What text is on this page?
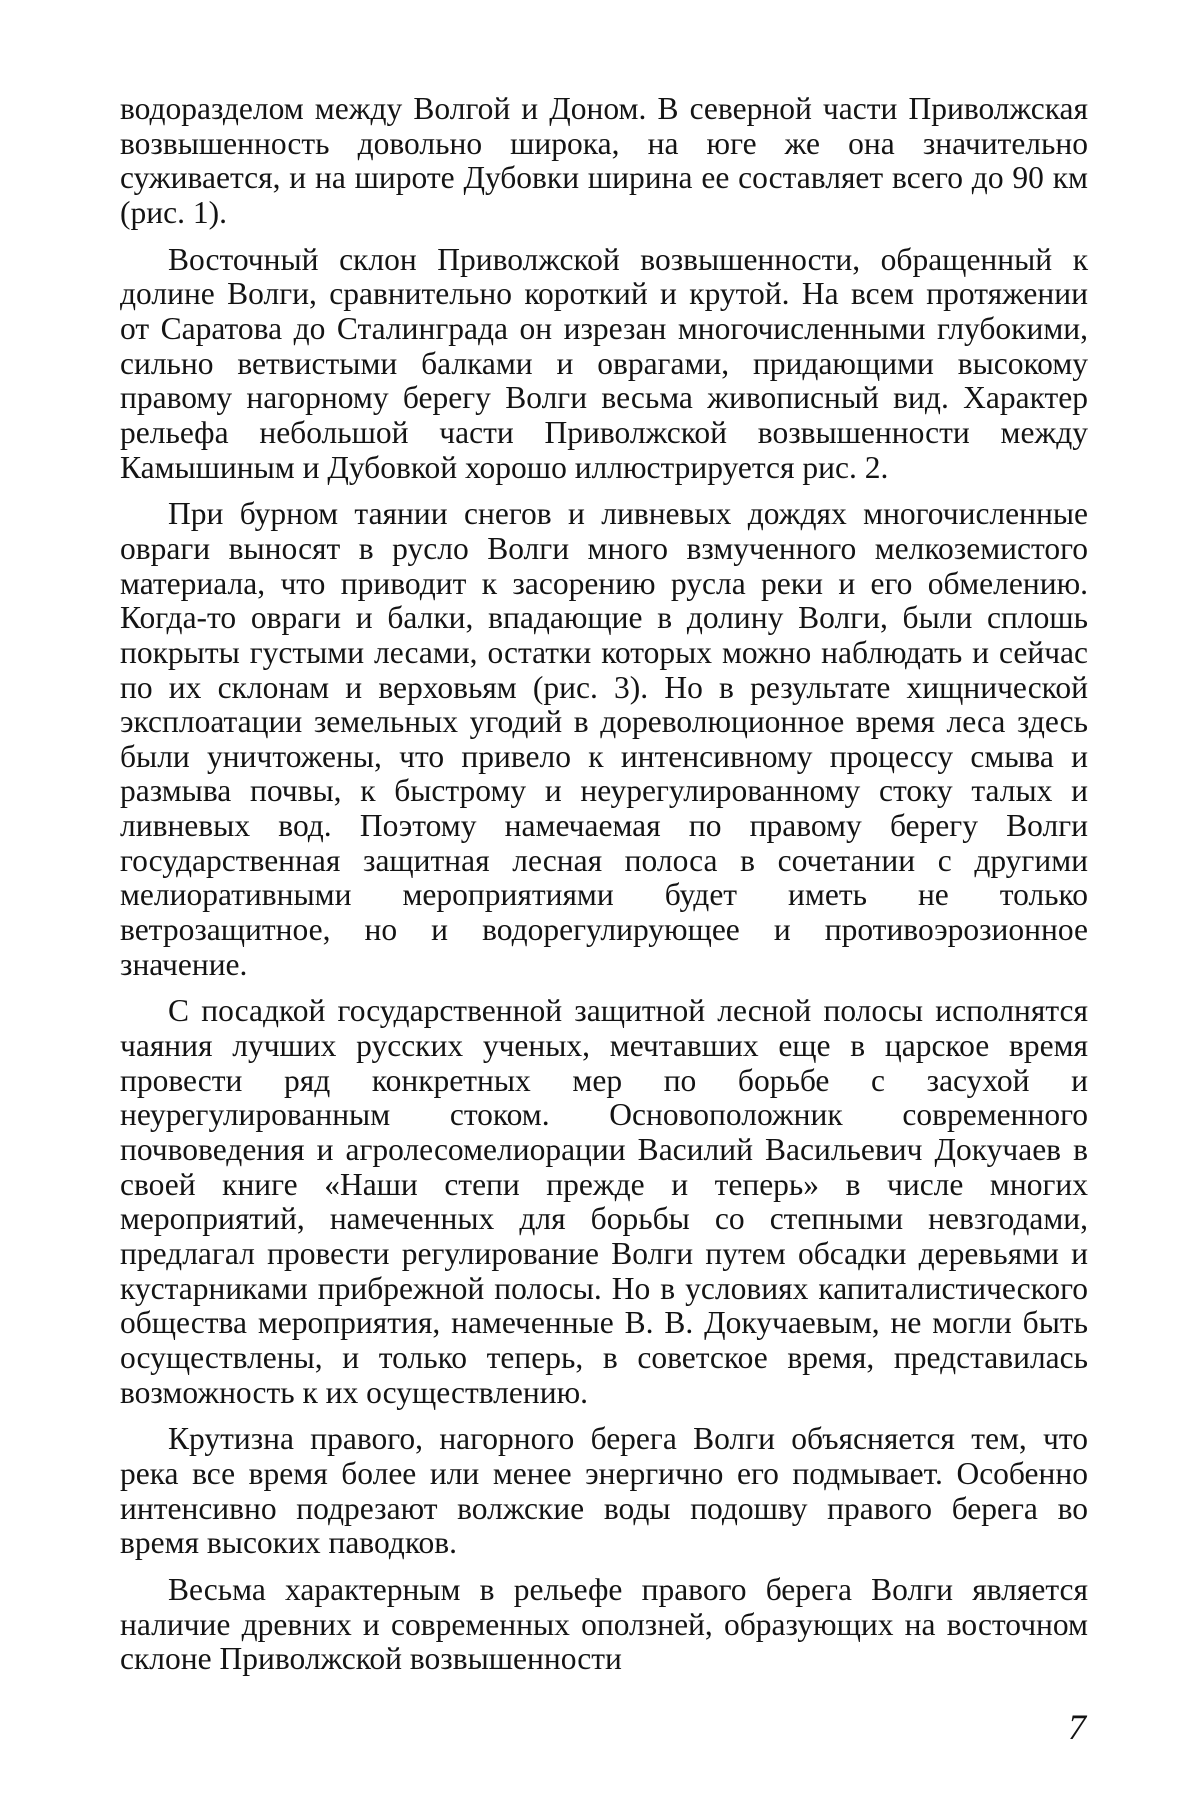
водоразделом между Волгой и Доном. В северной части Приволжская возвышенность довольно широка, на юге же она значительно суживается, и на широте Дубовки ширина ее составляет всего до 90 км (рис. 1).

Восточный склон Приволжской возвышенности, обращенный к долине Волги, сравнительно короткий и крутой. На всем протяжении от Саратова до Сталинграда он изрезан многочисленными глубокими, сильно ветвистыми балками и оврагами, придающими высокому правому нагорному берегу Волги весьма живописный вид. Характер рельефа небольшой части Приволжской возвышенности между Камышиным и Дубовкой хорошо иллюстрируется рис. 2.

При бурном таянии снегов и ливневых дождях многочисленные овраги выносят в русло Волги много взмученного мелкоземистого материала, что приводит к засорению русла реки и его обмелению. Когда-то овраги и балки, впадающие в долину Волги, были сплошь покрыты густыми лесами, остатки которых можно наблюдать и сейчас по их склонам и верховьям (рис. 3). Но в результате хищнической эксплоатации земельных угодий в дореволюционное время леса здесь были уничтожены, что привело к интенсивному процессу смыва и размыва почвы, к быстрому и неурегулированному стоку талых и ливневых вод. Поэтому намечаемая по правому берегу Волги государственная защитная лесная полоса в сочетании с другими мелиоративными мероприятиями будет иметь не только ветрозащитное, но и водорегулирующее и противоэрозионное значение.

С посадкой государственной защитной лесной полосы исполнятся чаяния лучших русских ученых, мечтавших еще в царское время провести ряд конкретных мер по борьбе с засухой и неурегулированным стоком. Основоположник современного почвоведения и агролесомелиорации Василий Васильевич Докучаев в своей книге «Наши степи прежде и теперь» в числе многих мероприятий, намеченных для борьбы со степными невзгодами, предлагал провести регулирование Волги путем обсадки деревьями и кустарниками прибрежной полосы. Но в условиях капиталистического общества мероприятия, намеченные В. В. Докучаевым, не могли быть осуществлены, и только теперь, в советское время, представилась возможность к их осуществлению.

Крутизна правого, нагорного берега Волги объясняется тем, что река все время более или менее энергично его подмывает. Особенно интенсивно подрезают волжские воды подошву правого берега во время высоких паводков.

Весьма характерным в рельефе правого берега Волги является наличие древних и современных оползней, образующих на восточном склоне Приволжской возвышенности

7
